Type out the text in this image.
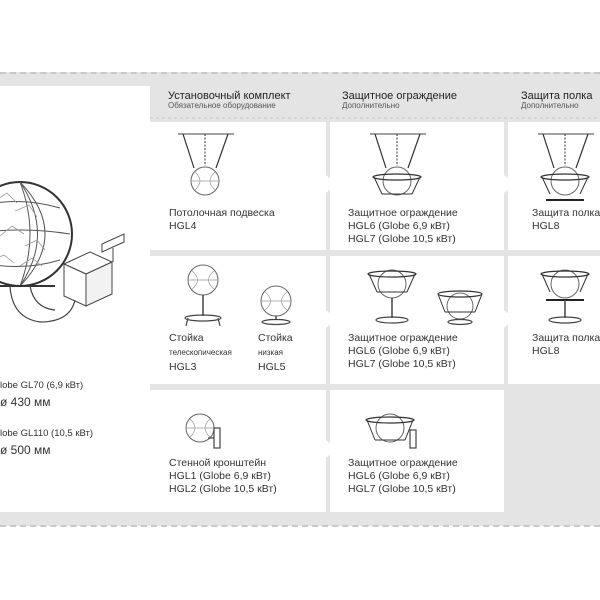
lobe GL70 (6,9 кВт)
ø 430 мм
lobe GL110 (10,5 кВт)
ø 500 мм
Установочный комплект
Обязательное оборудование
Защитное ограждение
Дополнительно
Защита полка
Дополнительно
Потолочная подвеска
HGL4
Защитное ограждение
HGL6 (Globe 6,9 кВт)
HGL7 (Globe 10,5 кВт)
Защита полка
HGL8
Стойка
телескопическая
HGL3
Стойка
низкая
HGL5
Защитное ограждение
HGL6 (Globe 6,9 кВт)
HGL7 (Globe 10,5 кВт)
Защита полка
HGL8
Стенной кронштейн
HGL1 (Globe 6,9 кВт)
HGL2 (Globe 10,5 кВт)
Защитное ограждение
HGL6 (Globe 6,9 кВт)
HGL7 (Globe 10,5 кВт)
